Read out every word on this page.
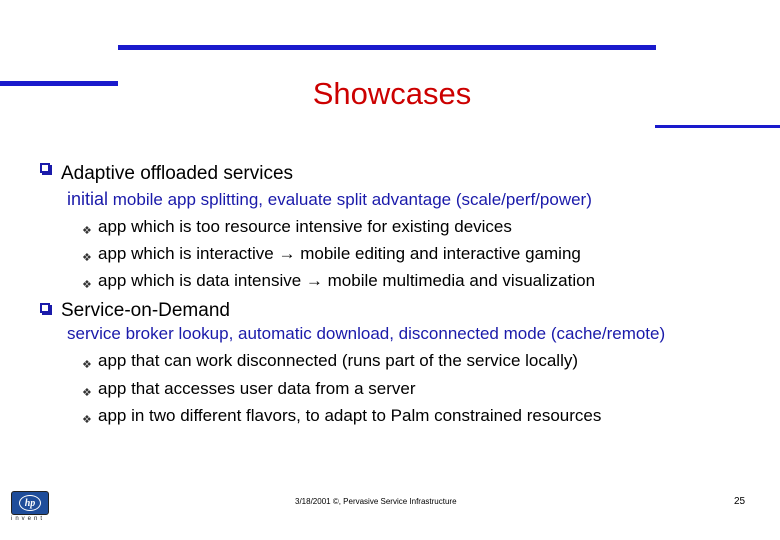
Showcases
Adaptive offloaded services
initial mobile app splitting, evaluate split advantage (scale/perf/power)
❖ app which is too resource intensive for existing devices
❖ app which is interactive → mobile editing and interactive gaming
❖ app which is data intensive → mobile multimedia and visualization
Service-on-Demand
service broker lookup, automatic download, disconnected mode (cache/remote)
❖ app that can work disconnected (runs part of the service locally)
❖ app that accesses user data from a server
❖ app in two different flavors, to adapt to Palm constrained resources
hp
invent
3/18/2001 ©, Pervasive Service Infrastructure	25
